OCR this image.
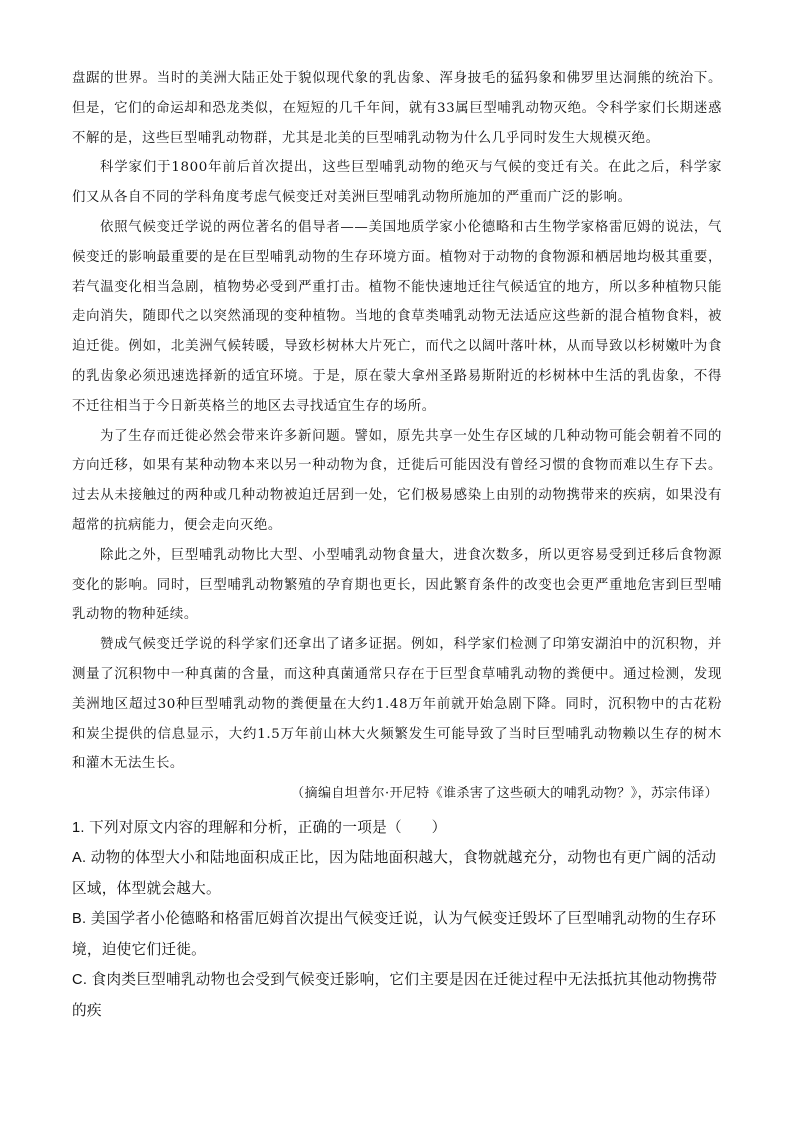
盘踞的世界。当时的美洲大陆正处于貌似现代象的乳齿象、浑身披毛的猛犸象和佛罗里达洞熊的统治下。但是，它们的命运却和恐龙类似，在短短的几千年间，就有33属巨型哺乳动物灭绝。令科学家们长期迷惑不解的是，这些巨型哺乳动物群，尤其是北美的巨型哺乳动物为什么几乎同时发生大规模灭绝。

科学家们于1800年前后首次提出，这些巨型哺乳动物的绝灭与气候的变迁有关。在此之后，科学家们又从各自不同的学科角度考虑气候变迁对美洲巨型哺乳动物所施加的严重而广泛的影响。

依照气候变迁学说的两位著名的倡导者——美国地质学家小伦德略和古生物学家格雷厄姆的说法，气候变迁的影响最重要的是在巨型哺乳动物的生存环境方面。植物对于动物的食物源和栖居地均极其重要，若气温变化相当急剧，植物势必受到严重打击。植物不能快速地迁往气候适宜的地方，所以多种植物只能走向消失，随即代之以突然涌现的变种植物。当地的食草类哺乳动物无法适应这些新的混合植物食料，被迫迁徙。例如，北美洲气候转暖，导致杉树林大片死亡，而代之以阔叶落叶林，从而导致以杉树嫩叶为食的乳齿象必须迅速选择新的适宜环境。于是，原在蒙大拿州圣路易斯附近的杉树林中生活的乳齿象，不得不迁往相当于今日新英格兰的地区去寻找适宜生存的场所。

为了生存而迁徙必然会带来许多新问题。譬如，原先共享一处生存区域的几种动物可能会朝着不同的方向迁移，如果有某种动物本来以另一种动物为食，迁徙后可能因没有曾经习惯的食物而难以生存下去。过去从未接触过的两种或几种动物被迫迁居到一处，它们极易感染上由别的动物携带来的疾病，如果没有超常的抗病能力，便会走向灭绝。

除此之外，巨型哺乳动物比大型、小型哺乳动物食量大，进食次数多，所以更容易受到迁移后食物源变化的影响。同时，巨型哺乳动物繁殖的孕育期也更长，因此繁育条件的改变也会更严重地危害到巨型哺乳动物的物种延续。

赞成气候变迁学说的科学家们还拿出了诸多证据。例如，科学家们检测了印第安湖泊中的沉积物，并测量了沉积物中一种真菌的含量，而这种真菌通常只存在于巨型食草哺乳动物的粪便中。通过检测，发现美洲地区超过30种巨型哺乳动物的粪便量在大约1.48万年前就开始急剧下降。同时，沉积物中的古花粉和炭尘提供的信息显示，大约1.5万年前山林大火频繁发生可能导致了当时巨型哺乳动物赖以生存的树木和灌木无法生长。

（摘编自坦普尔·开尼特《谁杀害了这些硕大的哺乳动物？》，苏宗伟译）

1. 下列对原文内容的理解和分析，正确的一项是（　　）

A. 动物的体型大小和陆地面积成正比，因为陆地面积越大，食物就越充分，动物也有更广阔的活动区域，体型就会越大。

B. 美国学者小伦德略和格雷厄姆首次提出气候变迁说，认为气候变迁毁坏了巨型哺乳动物的生存环境，迫使它们迁徙。

C. 食肉类巨型哺乳动物也会受到气候变迁影响，它们主要是因在迁徙过程中无法抵抗其他动物携带的疾
